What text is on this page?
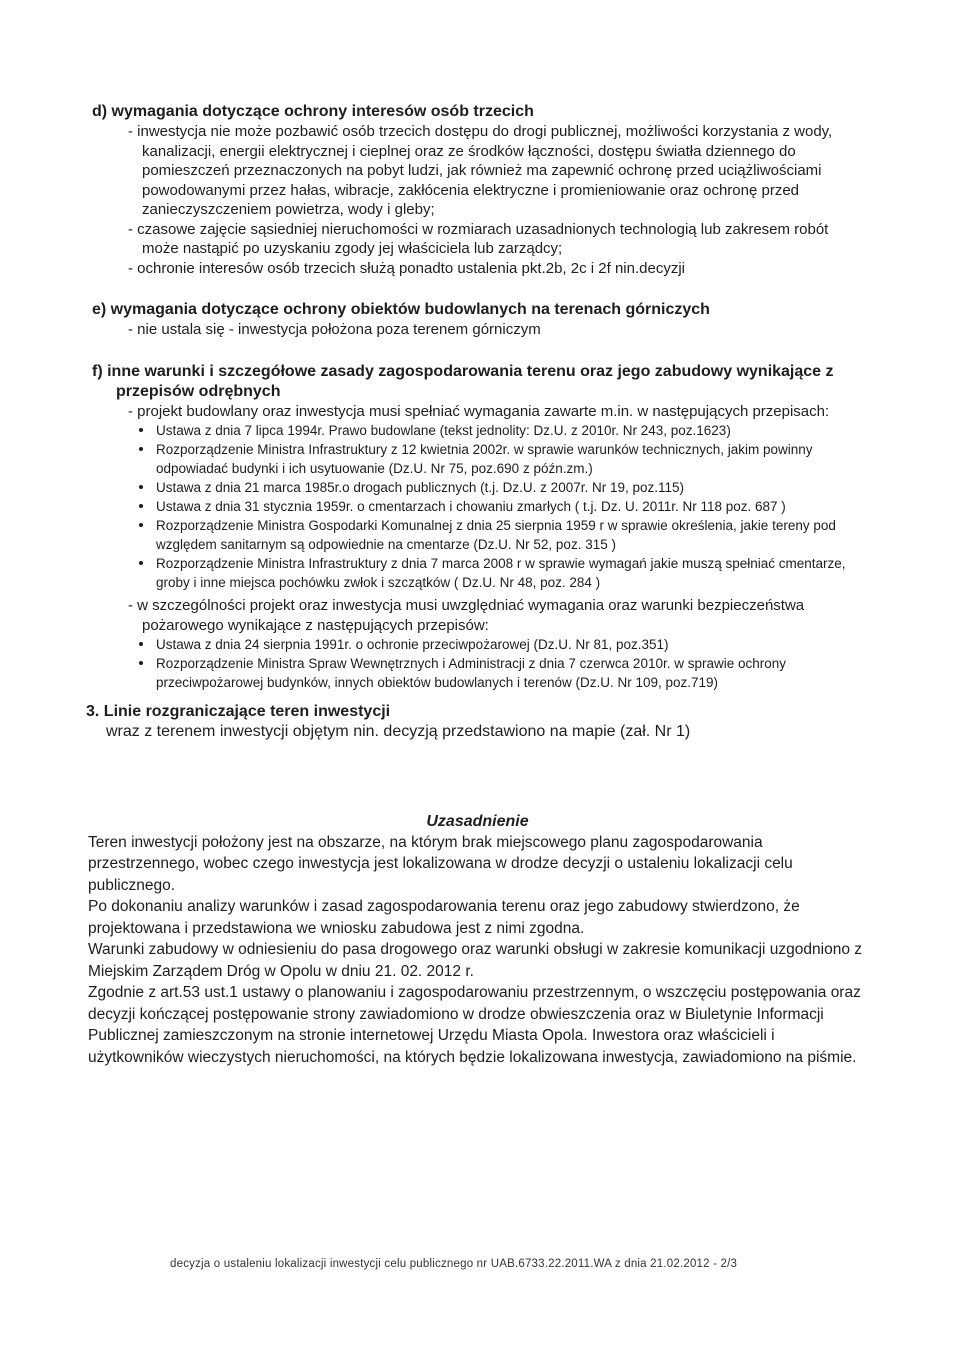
d) wymagania dotyczące ochrony interesów osób trzecich
- inwestycja nie może pozbawić osób trzecich dostępu do drogi publicznej, możliwości korzystania z wody, kanalizacji, energii elektrycznej i cieplnej oraz ze środków łączności, dostępu światła dziennego do pomieszczeń przeznaczonych na pobyt ludzi, jak również ma zapewnić ochronę przed uciążliwościami powodowanymi przez hałas, wibracje, zakłócenia elektryczne i promieniowanie oraz ochronę przed zanieczyszczeniem powietrza, wody i gleby;
- czasowe zajęcie sąsiedniej nieruchomości w rozmiarach uzasadnionych technologią lub zakresem robót może nastąpić po uzyskaniu zgody jej właściciela lub zarządcy;
- ochronie interesów osób trzecich służą ponadto ustalenia pkt.2b, 2c i 2f nin.decyzji
e) wymagania dotyczące ochrony obiektów budowlanych na terenach górniczych
- nie ustala się - inwestycja położona poza terenem górniczym
f) inne warunki i szczegółowe zasady zagospodarowania terenu oraz jego zabudowy wynikające z przepisów odrębnych
- projekt budowlany oraz inwestycja musi spełniać wymagania zawarte m.in. w następujących przepisach:
Ustawa z dnia 7 lipca 1994r. Prawo budowlane (tekst jednolity: Dz.U. z 2010r. Nr 243, poz.1623)
Rozporządzenie Ministra Infrastruktury z 12 kwietnia 2002r. w sprawie warunków technicznych, jakim powinny odpowiadać budynki i ich usytuowanie (Dz.U. Nr 75, poz.690 z późn.zm.)
Ustawa z dnia 21 marca 1985r.o drogach publicznych (t.j. Dz.U. z 2007r. Nr 19, poz.115)
Ustawa z dnia 31 stycznia 1959r. o cmentarzach i chowaniu zmarłych ( t.j. Dz. U. 2011r. Nr 118 poz. 687 )
Rozporządzenie Ministra Gospodarki Komunalnej z dnia 25 sierpnia 1959 r w sprawie określenia, jakie tereny pod względem sanitarnym są odpowiednie na cmentarze (Dz.U. Nr 52, poz. 315 )
Rozporządzenie Ministra Infrastruktury z dnia 7 marca 2008 r w sprawie wymagań jakie muszą spełniać cmentarze, groby i inne miejsca pochówku zwłok i szczątków ( Dz.U. Nr 48, poz. 284 )
- w szczególności projekt oraz inwestycja musi uwzględniać wymagania oraz warunki bezpieczeństwa pożarowego wynikające z następujących przepisów:
Ustawa z dnia 24 sierpnia 1991r. o ochronie przeciwpożarowej (Dz.U. Nr 81, poz.351)
Rozporządzenie Ministra Spraw Wewnętrznych i Administracji z dnia 7 czerwca 2010r. w sprawie ochrony przeciwpożarowej budynków, innych obiektów budowlanych i terenów (Dz.U. Nr 109, poz.719)
3. Linie rozgraniczające teren inwestycji
wraz z terenem inwestycji objętym nin. decyzją przedstawiono na mapie (zał. Nr 1)
Uzasadnienie

Teren inwestycji położony jest na obszarze, na którym brak miejscowego planu zagospodarowania przestrzennego, wobec czego inwestycja jest lokalizowana w drodze decyzji o ustaleniu lokalizacji celu publicznego.

Po dokonaniu analizy warunków i zasad zagospodarowania terenu oraz jego zabudowy stwierdzono, że projektowana i przedstawiona we wniosku zabudowa jest z nimi zgodna.

Warunki zabudowy w odniesieniu do pasa drogowego oraz warunki obsługi w zakresie komunikacji uzgodniono z Miejskim Zarządem Dróg w Opolu w dniu 21. 02. 2012 r.

Zgodnie z art.53 ust.1 ustawy o planowaniu i zagospodarowaniu przestrzennym, o wszczęciu postępowania oraz decyzji kończącej postępowanie strony zawiadomiono w drodze obwieszczenia oraz w Biuletynie Informacji Publicznej zamieszczonym na stronie internetowej Urzędu Miasta Opola. Inwestora oraz właścicieli i użytkowników wieczystych nieruchomości, na których będzie lokalizowana inwestycja, zawiadomiono na piśmie.

decyzja o ustaleniu lokalizacji inwestycji celu publicznego nr UAB.6733.22.2011.WA z dnia 21.02.2012 - 2/3
